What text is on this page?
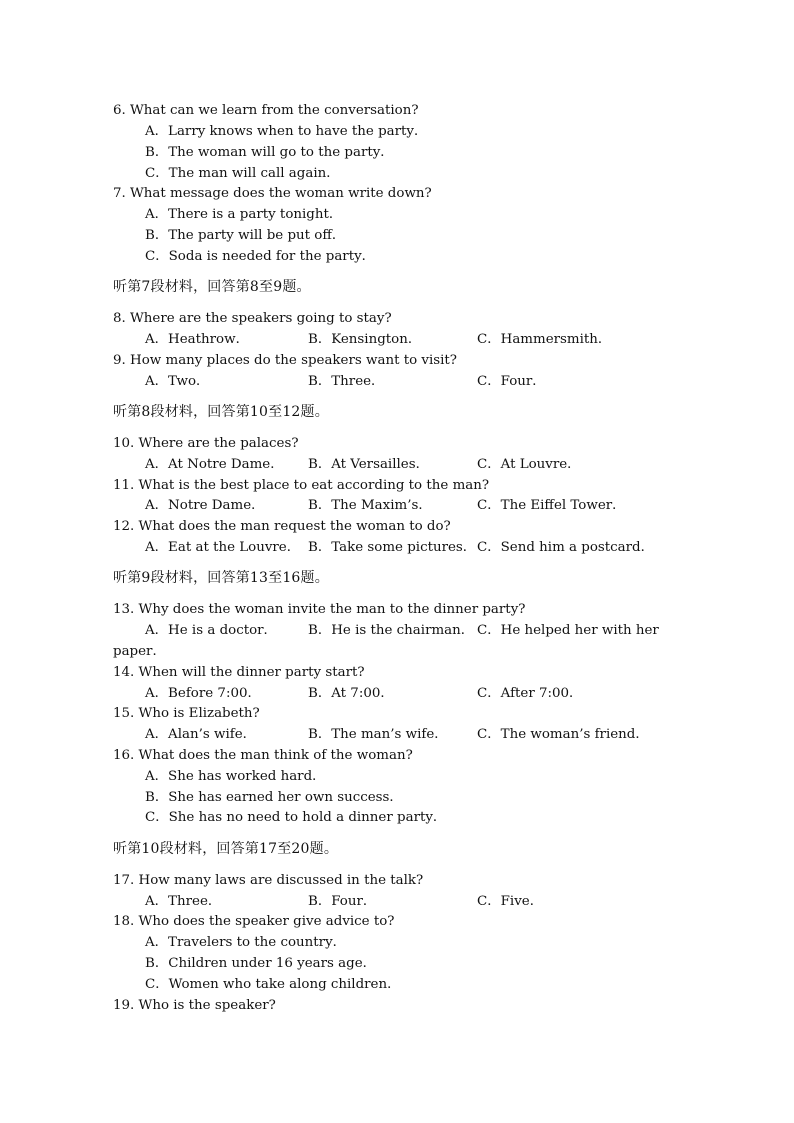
6. What can we learn from the conversation?
A．Larry knows when to have the party．
B．The woman will go to the party．
C．The man will call again．
7. What message does the woman write down?
A．There is a party tonight．
B．The party will be put off．
C．Soda is needed for the party．
听第7段材料，回答第8至9题。
8. Where are the speakers going to stay?
A．Heathrow．	B．Kensington．	C．Hammersmith．
9. How many places do the speakers want to visit?
A．Two．	B．Three．	C．Four．
听第8段材料，回答第10至12题。
10. Where are the palaces?
A．At Notre Dame． B．At Versailles．	C．At Louvre．
11. What is the best place to eat according to the man?
A．Notre Dame．	B．The Maxim’s．	C．The Eiffel Tower．
12. What does the man request the woman to do?
A．Eat at the Louvre． B．Take some pictures． C．Send him a postcard．
听第9段材料，回答第13至16题。
13. Why does the woman invite the man to the dinner party?
A．He is a doctor． B．He is the chairman． C．He helped her with her
paper．
14. When will the dinner party start?
A．Before 7:00．	B．At 7:00．	C．After 7:00．
15. Who is Elizabeth?
A．Alan’s wife．	B．The man’s wife． C．The woman’s friend．
16. What does the man think of the woman?
A．She has worked hard．
B．She has earned her own success．
C．She has no need to hold a dinner party．
听第10段材料，回答第17至20题。
17. How many laws are discussed in the talk?
A．Three．	B．Four．	C．Five．
18. Who does the speaker give advice to?
A．Travelers to the country．
B．Children under 16 years age．
C．Women who take along children．
19. Who is the speaker?
